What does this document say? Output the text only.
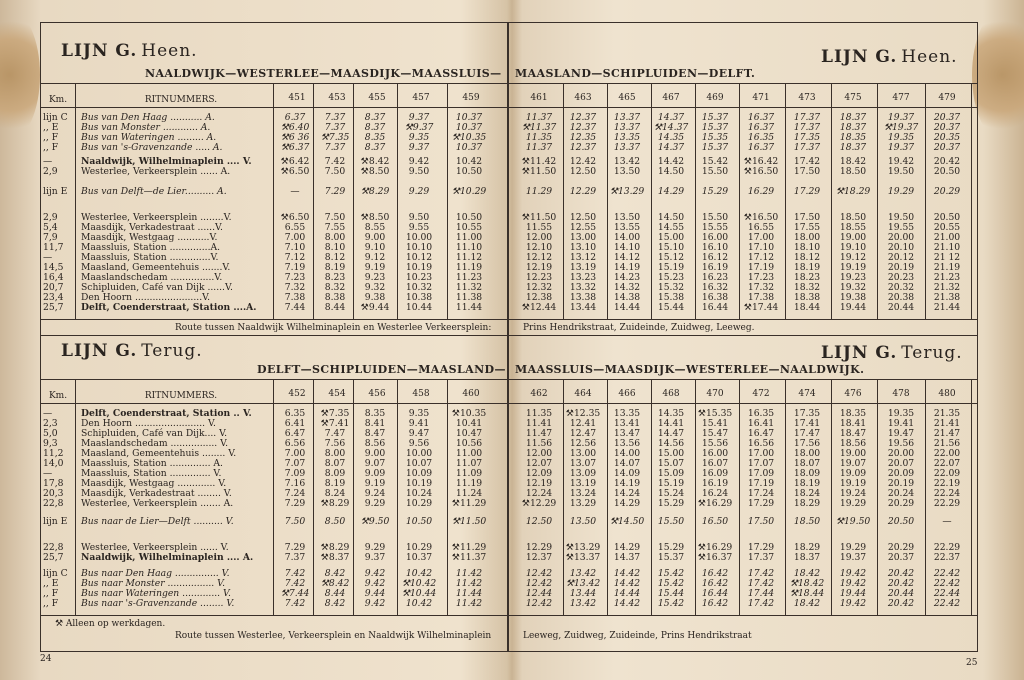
LIJN G. Heen.
NAALDWIJK—WESTERLEE—MAASDIJK—MAASSLUIS—
Km.	RITNUMMERS.
Route tussen Naaldwijk Wilhelminaplein en Westerlee Verkeersplein:
LIJN G. Terug.
DELFT—SCHIPLUIDEN—MAASLAND—
Km.	RITNUMMERS.
⚒ Alleen op werkdagen.
Route tussen Westerlee, Verkeersplein en Naaldwijk Wilhelminaplein
451	453	455	457	459
lijn C Bus van Den Haag ........... A.	6.37	7.37	8.37	9.37	10.37
,, E Bus van Monster ............ A.	⚒6.40	7.37	8.37	⚒9.37	10.37
,, F Bus van Wateringen ......... A.	⚒6 36	⚒7.35	8.35	9.35	⚒10.35
,, F Bus van 's-Gravenzande ..... A.	⚒6.37	7.37	8.37	9.37	10.37
—	Naaldwijk, Wilhelminaplein .... V.	⚒6.42	7.42	⚒8.42	9.42	10.42
2,9	Westerlee, Verkeersplein ...... A.	⚒6.50	7.50	⚒8.50	9.50	10.50
lijn E Bus van Delft—de Lier.......... A.	—	7.29	⚒8.29	9.29	⚒10.29
2,9	Westerlee, Verkeersplein ........V.	⚒6.50	7.50	⚒8.50	9.50	10.50
5,4	Maasdijk, Verkadestraat ......V.	6.55	7.55	8.55	9.55	10.55
7,9	Maasdijk, Westgaag ...........V.	7.00	8.00	9.00	10.00	11.00
11,7 Maassluis, Station ..............A.	7.10	8.10	9.10	10.10	11.10
—	Maassluis, Station ..............V.	7.12	8.12	9.12	10.12	11.12
14,5 Maasland, Gemeentehuis .......V.	7.19	8.19	9.19	10.19	11.19
16,4 Maaslandschedam ...............V.	7.23	8.23	9.23	10.23	11.23
20,7 Schipluiden, Café van Dijk ......V.	7.32	8.32	9.32	10.32	11.32
23,4 Den Hoorn .......................V.	7.38	8.38	9.38	10.38	11.38
25,7 Delft, Coenderstraat, Station ....A.	7.44	8.44	⚒9.44	10.44	11.44
452	454	456	458	460
—	Delft, Coenderstraat, Station .. V.	6.35	⚒7.35	8.35	9.35	⚒10.35
2,3	Den Hoorn ........................ V.	6.41	⚒7.41	8.41	9.41	10.41
5,0	Schipluiden, Café van Dijk.... V.	6.47	7.47	8.47	9.47	10.47
9,3	Maaslandschedam ................ V.	6.56	7.56	8.56	9.56	10.56
11,2 Maasland, Gemeentehuis ........ V.	7.00	8.00	9.00	10.00	11.00
14,0 Maassluis, Station .............. A.	7.07	8.07	9.07	10.07	11.07
—	Maassluis, Station .............. V.	7.09	8.09	9.09	10.09	11.09
17,8 Maasdijk, Westgaag ............. V.	7.16	8.19	9.19	10.19	11.19
20,3 Maasdijk, Verkadestraat ........ V.	7.24	8.24	9.24	10.24	11.24
22,8 Westerlee, Verkeersplein ....... A.	7.29	⚒8.29	9.29	10.29	⚒11.29
lijn E Bus naar de Lier—Delft .......... V.	7.50	8.50	⚒9.50	10.50	⚒11.50
22,8 Westerlee, Verkeersplein ...... V.	7.29	⚒8.29	9.29	10.29	⚒11.29
25,7 Naaldwijk, Wilhelminaplein .... A.	7.37	⚒8.37	9.37	10.37	⚒11.37
lijn C Bus naar Den Haag ............... V.	7.42	8.42	9.42	10.42	11.42
,, E Bus naar Monster ................ V.	7.42	⚒8.42	9.42	⚒10.42	11.42
,, F Bus naar Wateringen ............. V.	⚒7.44	8.44	9.44	⚒10.44	11.44
,, F Bus naar 's-Gravenzande ........ V.	7.42	8.42	9.42	10.42	11.42
LIJN G. Heen.
MAASLAND—SCHIPLUIDEN—DELFT.
Prins Hendrikstraat, Zuideinde, Zuidweg, Leeweg.
LIJN G. Terug.
MAASSLUIS—MAASDIJK—WESTERLEE—NAALDWIJK.
Leeweg, Zuidweg, Zuideinde, Prins Hendrikstraat
461	463	465	467	469	471	473	475	477	479
11.37	12.37	13.37	14.37	15.37	16.37	17.37	18.37	19.37	20.37
⚒11.37	12.37	13.37	⚒14.37	15.37	16.37	17.37	18.37	⚒19.37	20.37
11.35	12.35	13.35	14.35	15.35	16.35	17.35	18.35	19.35	20.35
11.37	12.37	13.37	14.37	15.37	16.37	17.37	18.37	19.37	20.37
⚒11.42	12.42	13.42	14.42	15.42	⚒16.42	17.42	18.42	19.42	20.42
⚒11.50	12.50	13.50	14.50	15.50	⚒16.50	17.50	18.50	19.50	20.50
11.29	12.29	⚒13.29	14.29	15.29	16.29	17.29	⚒18.29	19.29	20.29
⚒11.50	12.50	13.50	14.50	15.50	⚒16.50	17.50	18.50	19.50	20.50
11.55	12.55	13.55	14.55	15.55	16.55	17.55	18.55	19.55	20.55
12.00	13.00	14.00	15.00	16.00	17.00	18.00	19.00	20.00	21.00
12.10	13.10	14.10	15.10	16.10	17.10	18.10	19.10	20.10	21.10
12.12	13.12	14.12	15.12	16.12	17.12	18.12	19.12	20.12	21 12
12.19	13.19	14.19	15.19	16.19	17.19	18.19	19.19	20.19	21.19
12.23	13.23	14.23	15.23	16.23	17.23	18.23	19.23	20.23	21.23
12.32	13.32	14.32	15.32	16.32	17.32	18.32	19.32	20.32	21.32
12.38	13.38	14.38	15.38	16.38	17.38	18.38	19.38	20.38	21.38
⚒12.44	13.44	14.44	15.44	16.44	⚒17.44	18.44	19.44	20.44	21.44
462	464	466	468	470	472	474	476	478	480
11.35	⚒12.35	13.35	14.35	⚒15.35	16.35	17.35	18.35	19.35	21.35
11.41	12.41	13.41	14.41	15.41	16.41	17.41	18.41	19.41	21.41
11.47	12.47	13.47	14.47	15.47	16.47	17.47	18.47	19.47	21.47
11.56	12.56	13.56	14.56	15.56	16.56	17.56	18.56	19.56	21.56
12.00	13.00	14.00	15.00	16.00	17.00	18.00	19.00	20.00	22.00
12.07	13.07	14.07	15.07	16.07	17.07	18.07	19.07	20.07	22.07
12.09	13.09	14.09	15.09	16.09	17.09	18.09	19.09	20.09	22.09
12.19	13.19	14.19	15.19	16.19	17.19	18.19	19.19	20.19	22.19
12.24	13.24	14.24	15.24	16.24	17.24	18.24	19.24	20.24	22.24
⚒12.29	13.29	14.29	15.29	⚒16.29	17.29	18.29	19.29	20.29	22.29
12.50	13.50	⚒14.50	15.50	16.50	17.50	18.50	⚒19.50	20.50	—
12.29	⚒13.29	14.29	15.29	⚒16.29	17.29	18.29	19.29	20.29	22.29
12.37	⚒13.37	14.37	15.37	⚒16.37	17.37	18.37	19.37	20.37	22.37
12.42	13.42	14.42	15.42	16.42	17.42	18.42	19.42	20.42	22.42
12.42	⚒13.42	14.42	15.42	16.42	17.42	⚒18.42	19.42	20.42	22.42
12.44	13.44	14.44	15.44	16.44	17.44	⚒18.44	19.44	20.44	22.44
12.42	13.42	14.42	15.42	16.42	17.42	18.42	19.42	20.42	22.42
24	25
